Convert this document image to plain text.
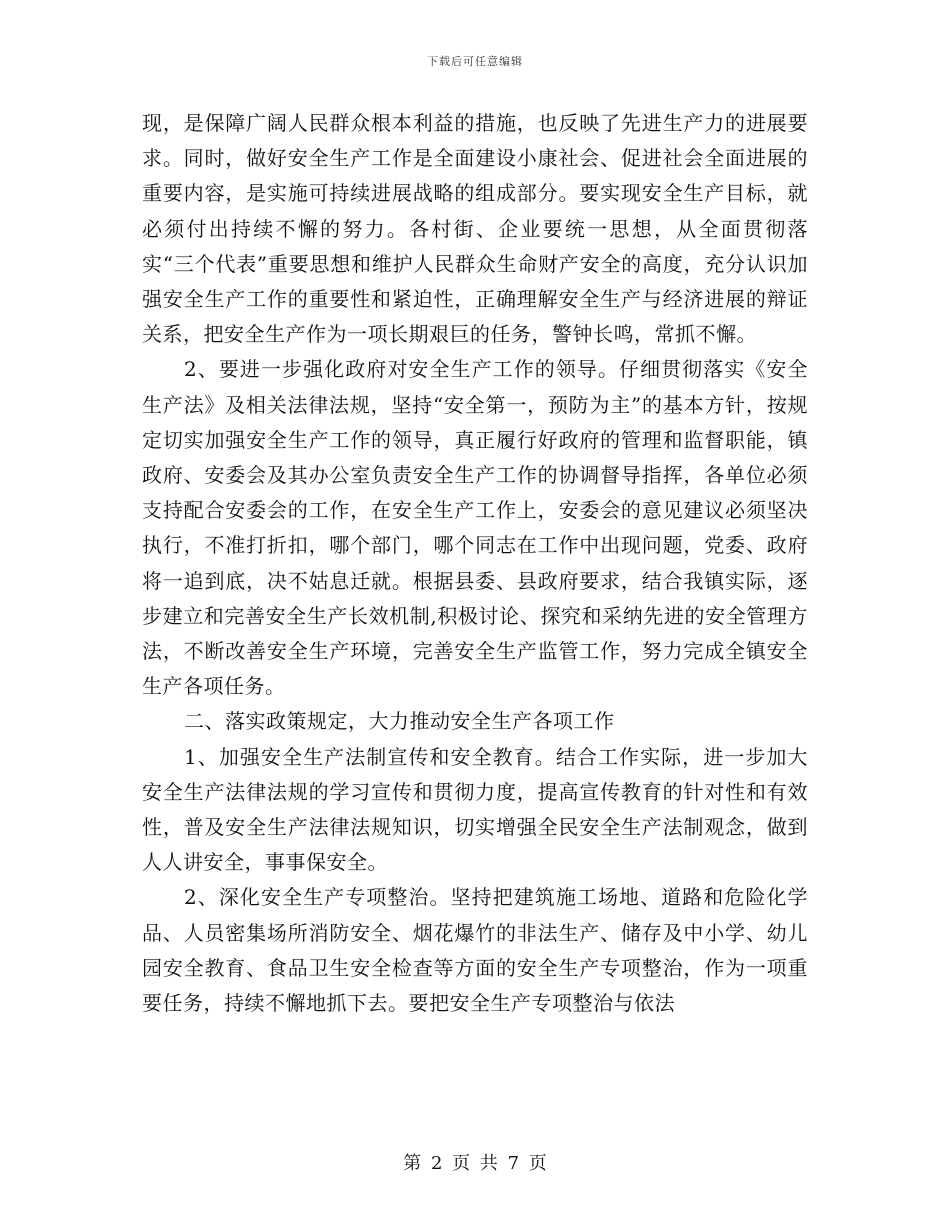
下载后可任意编辑

现，是保障广阔人民群众根本利益的措施，也反映了先进生产力的进展要求。同时，做好安全生产工作是全面建设小康社会、促进社会全面进展的重要内容，是实施可持续进展战略的组成部分。要实现安全生产目标，就必须付出持续不懈的努力。各村街、企业要统一思想，从全面贯彻落实“三个代表”重要思想和维护人民群众生命财产安全的高度，充分认识加强安全生产工作的重要性和紧迫性，正确理解安全生产与经济进展的辩证关系，把安全生产作为一项长期艰巨的任务，警钟长鸣，常抓不懈。

2、要进一步强化政府对安全生产工作的领导。仔细贯彻落实《安全生产法》及相关法律法规，坚持“安全第一，预防为主”的基本方针，按规定切实加强安全生产工作的领导，真正履行好政府的管理和监督职能，镇政府、安委会及其办公室负责安全生产工作的协调督导指挥，各单位必须支持配合安委会的工作，在安全生产工作上，安委会的意见建议必须坚决执行，不准打折扣，哪个部门，哪个同志在工作中出现问题，党委、政府将一追到底，决不姑息迁就。根据县委、县政府要求，结合我镇实际，逐步建立和完善安全生产长效机制,积极讨论、探究和采纳先进的安全管理方法，不断改善安全生产环境，完善安全生产监管工作，努力完成全镇安全生产各项任务。

二、落实政策规定，大力推动安全生产各项工作

1、加强安全生产法制宣传和安全教育。结合工作实际，进一步加大安全生产法律法规的学习宣传和贯彻力度，提高宣传教育的针对性和有效性，普及安全生产法律法规知识，切实增强全民安全生产法制观念，做到人人讲安全，事事保安全。

2、深化安全生产专项整治。坚持把建筑施工场地、道路和危险化学品、人员密集场所消防安全、烟花爆竹的非法生产、储存及中小学、幼儿园安全教育、食品卫生安全检查等方面的安全生产专项整治，作为一项重要任务，持续不懈地抓下去。要把安全生产专项整治与依法

第 2 页 共 7 页
